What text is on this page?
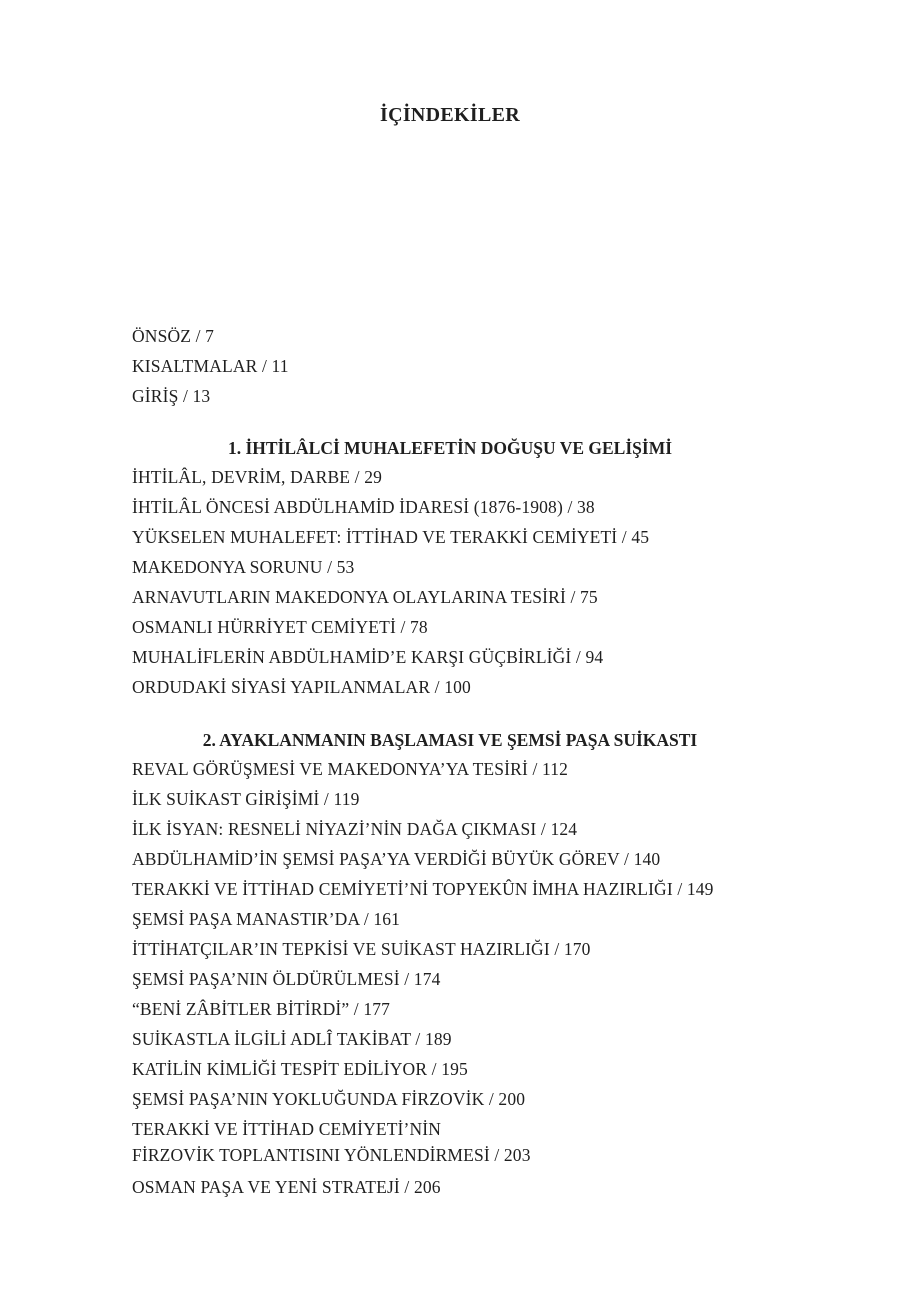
İÇİNDEKİLER
ÖNSÖZ / 7
KISALTMALAR / 11
GİRİŞ / 13
1. İHTİLÂLCİ MUHALEFETİN DOĞUŞU VE GELİŞİMİ
İHTİLÂL, DEVRİM, DARBE / 29
İHTİLÂL ÖNCESİ ABDÜLHAMİD İDARESİ (1876-1908) / 38
YÜKSELEN MUHALEFET: İTTİHAD VE TERAKKİ CEMİYETİ / 45
MAKEDONYA SORUNU / 53
ARNAVUTLARIN MAKEDONYA OLAYLARINA TESİRİ / 75
OSMANLI HÜRRİYET CEMİYETİ / 78
MUHALİFLERİN ABDÜLHAMİD’E KARŞI GÜÇBİRLİĞİ / 94
ORDUDAKİ SİYASİ YAPILANMALAR / 100
2. AYAKLANMANIN BAŞLAMASI VE ŞEMSİ PAŞA SUİKASTI
REVAL GÖRÜŞMESİ VE MAKEDONYA’YA TESİRİ / 112
İLK SUİKAST GİRİŞİMİ / 119
İLK İSYAN: RESNELİ NİYAZİ’NİN DAĞA ÇIKMASI / 124
ABDÜLHAMİD’İN ŞEMSİ PAŞA’YA VERDİĞİ BÜYÜK GÖREV / 140
TERAKKİ VE İTTİHAD CEMİYETİ’Nİ TOPYEKÛN İMHA HAZIRLIĞI / 149
ŞEMSİ PAŞA MANASTIR’DA / 161
İTTİHATÇILAR’IN TEPKİSİ VE SUİKAST HAZIRLIĞI / 170
ŞEMSİ PAŞA’NIN ÖLDÜRÜLMESİ / 174
“BENİ ZÂBİTLER BİTİRDİ” / 177
SUİKASTLA İLGİLİ ADLÎ TAKİBAT / 189
KATİLİN KİMLİĞİ TESPİT EDİLİYOR / 195
ŞEMSİ PAŞA’NIN YOKLUĞUNDA FİRZOVİK / 200
TERAKKİ VE İTTİHAD CEMİYETİ’NİN
FİRZOVİK TOPLANTISINI YÖNLENDİRMESİ / 203
OSMAN PAŞA VE YENİ STRATEJİ / 206
